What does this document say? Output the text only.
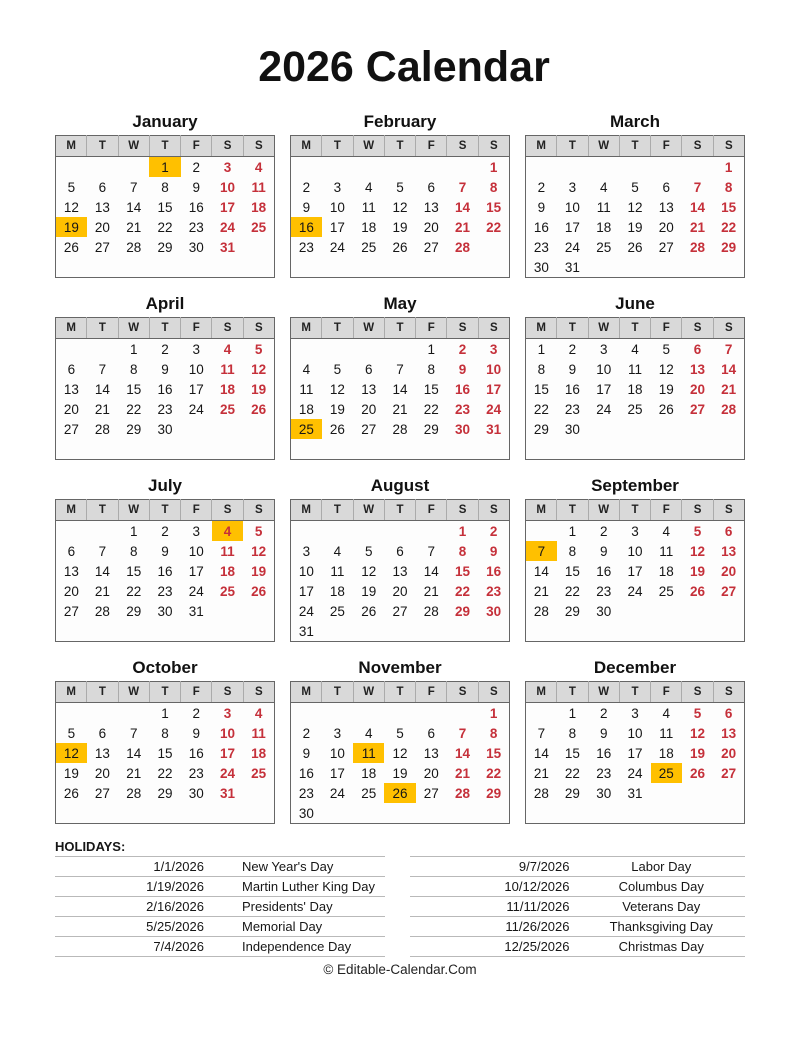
2026 Calendar
January
M	T	W	T	F	S	S
			1	2	3	4
5	6	7	8	9	10	11
12	13	14	15	16	17	18
19	20	21	22	23	24	25
26	27	28	29	30	31	

February
M	T	W	T	F	S	S
						1
2	3	4	5	6	7	8
9	10	11	12	13	14	15
16	17	18	19	20	21	22
23	24	25	26	27	28	

March
M	T	W	T	F	S	S
						1
2	3	4	5	6	7	8
9	10	11	12	13	14	15
16	17	18	19	20	21	22
23	24	25	26	27	28	29
30	31					
April
M	T	W	T	F	S	S
		1	2	3	4	5
6	7	8	9	10	11	12
13	14	15	16	17	18	19
20	21	22	23	24	25	26
27	28	29	30			

May
M	T	W	T	F	S	S
				1	2	3
4	5	6	7	8	9	10
11	12	13	14	15	16	17
18	19	20	21	22	23	24
25	26	27	28	29	30	31

June
M	T	W	T	F	S	S
1	2	3	4	5	6	7
8	9	10	11	12	13	14
15	16	17	18	19	20	21
22	23	24	25	26	27	28
29	30					

July
M	T	W	T	F	S	S
		1	2	3	4	5
6	7	8	9	10	11	12
13	14	15	16	17	18	19
20	21	22	23	24	25	26
27	28	29	30	31		

August
M	T	W	T	F	S	S
					1	2
3	4	5	6	7	8	9
10	11	12	13	14	15	16
17	18	19	20	21	22	23
24	25	26	27	28	29	30
31						
September
M	T	W	T	F	S	S
	1	2	3	4	5	6
7	8	9	10	11	12	13
14	15	16	17	18	19	20
21	22	23	24	25	26	27
28	29	30				

October
M	T	W	T	F	S	S
			1	2	3	4
5	6	7	8	9	10	11
12	13	14	15	16	17	18
19	20	21	22	23	24	25
26	27	28	29	30	31	

November
M	T	W	T	F	S	S
						1
2	3	4	5	6	7	8
9	10	11	12	13	14	15
16	17	18	19	20	21	22
23	24	25	26	27	28	29
30						
December
M	T	W	T	F	S	S
	1	2	3	4	5	6
7	8	9	10	11	12	13
14	15	16	17	18	19	20
21	22	23	24	25	26	27
28	29	30	31			

HOLIDAYS:	
1/1/2026	New Year's Day
1/19/2026	Martin Luther King Day
2/16/2026	Presidents' Day
5/25/2026	Memorial Day
7/4/2026	Independence Day

9/7/2026	Labor Day
10/12/2026	Columbus Day
11/11/2026	Veterans Day
11/26/2026	Thanksgiving Day
12/25/2026	Christmas Day
© Editable-Calendar.Com
